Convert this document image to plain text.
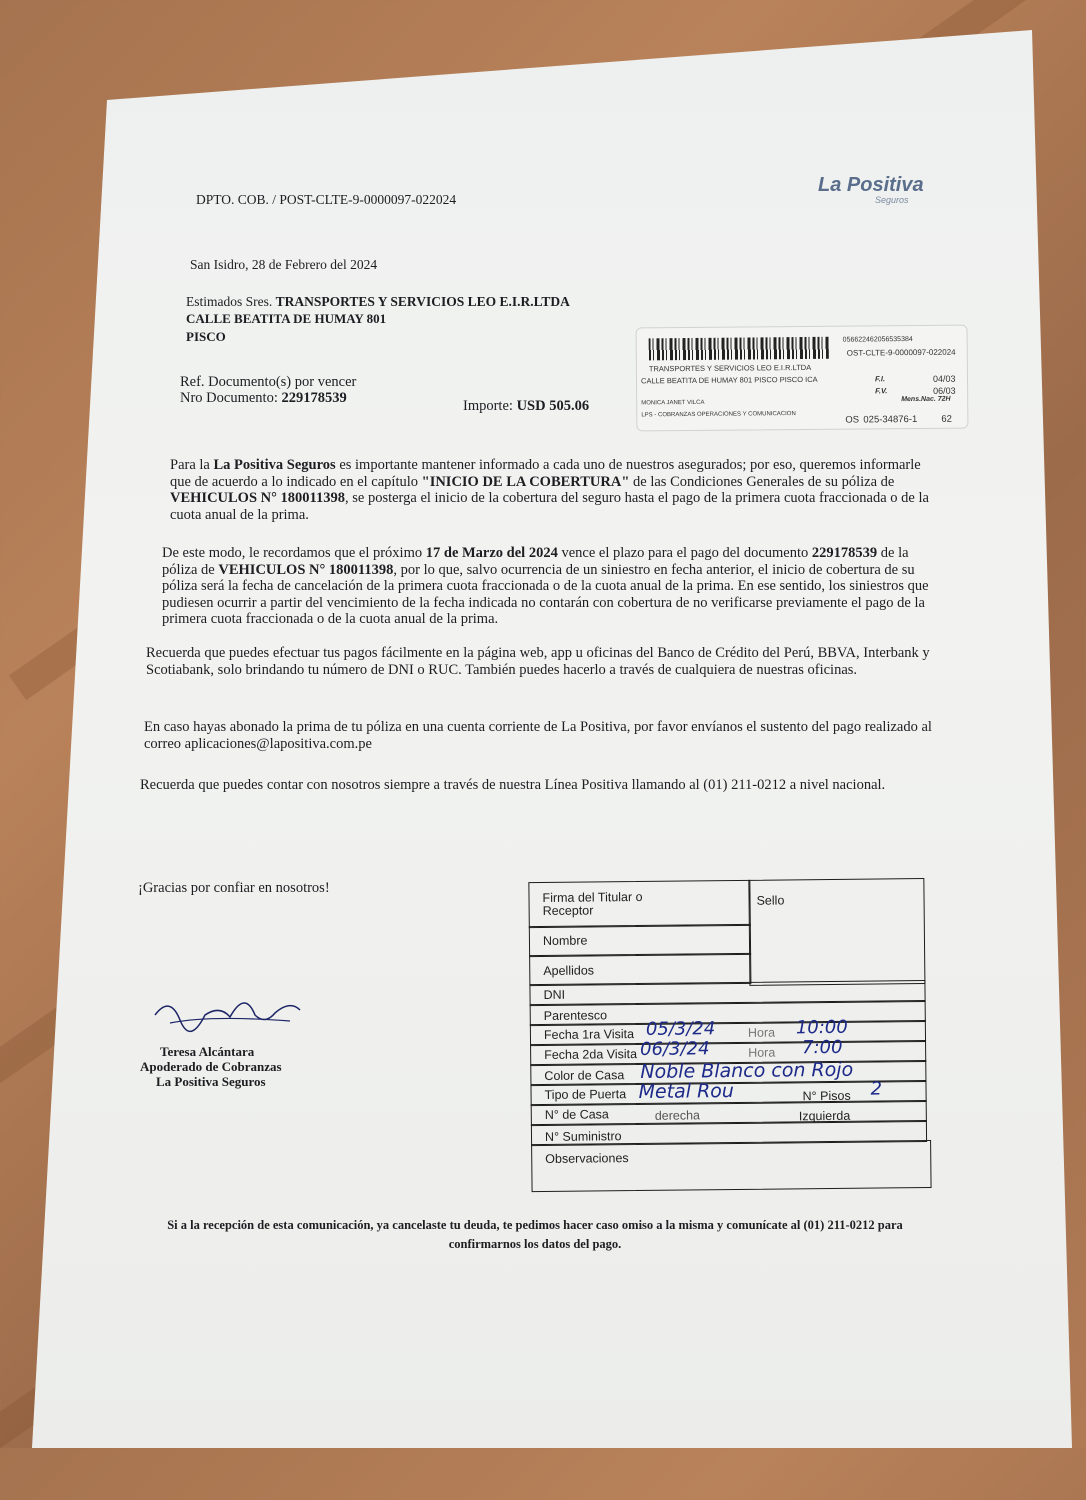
DPTO. COB. / POST-CLTE-9-0000097-022024
La Positiva
Seguros
San Isidro, 28 de Febrero del 2024
Estimados Sres. TRANSPORTES Y SERVICIOS LEO E.I.R.LTDA
CALLE BEATITA DE HUMAY 801
PISCO
Ref. Documento(s) por vencer
Nro Documento: 229178539	Importe: USD 505.06
056622462056535384
OST-CLTE-9-0000097-022024
TRANSPORTES Y SERVICIOS LEO E.I.R.LTDA
CALLE BEATITA DE HUMAY 801 PISCO PISCO ICA	F.I.	04/03
F.V.	06/03
MONICA JANET VILCA	Mens.Nac. 72H
LPS - COBRANZAS OPERACIONES Y COMUNICACION	OS 025-34876-1	62

Para la La Positiva Seguros es importante mantener informado a cada uno de nuestros asegurados; por eso, queremos informarle que de acuerdo a lo indicado en el capítulo "INICIO DE LA COBERTURA" de las Condiciones Generales de su póliza de VEHICULOS N° 180011398, se posterga el inicio de la cobertura del seguro hasta el pago de la primera cuota fraccionada o de la cuota anual de la prima.

De este modo, le recordamos que el próximo 17 de Marzo del 2024 vence el plazo para el pago del documento 229178539 de la póliza de VEHICULOS N° 180011398, por lo que, salvo ocurrencia de un siniestro en fecha anterior, el inicio de cobertura de su póliza será la fecha de cancelación de la primera cuota fraccionada o de la cuota anual de la prima. En ese sentido, los siniestros que pudiesen ocurrir a partir del vencimiento de la fecha indicada no contarán con cobertura de no verificarse previamente el pago de la primera cuota fraccionada o de la cuota anual de la prima.

Recuerda que puedes efectuar tus pagos fácilmente en la página web, app u oficinas del Banco de Crédito del Perú, BBVA, Interbank y Scotiabank, solo brindando tu número de DNI o RUC. También puedes hacerlo a través de cualquiera de nuestras oficinas.
En caso hayas abonado la prima de tu póliza en una cuenta corriente de La Positiva, por favor envíanos el sustento del pago realizado al correo aplicaciones@lapositiva.com.pe
Recuerda que puedes contar con nosotros siempre a través de nuestra Línea Positiva llamando al (01) 211-0212 a nivel nacional.
¡Gracias por confiar en nosotros!
Teresa Alcántara
Apoderado de Cobranzas
La Positiva Seguros
Firma del Titular o Receptor
Sello
Nombre
Apellidos
DNI
Parentesco
Fecha 1ra Visita 05/3/24	Hora 10:00
Fecha 2da Visita 06/3/24	Hora 7:00
Color de Casa Noble Blanco con Rojo
Tipo de Puerta Metal Rou	N° Pisos 2
N° de Casa	derecha	Izquierda
N° Suministro
Observaciones
Si a la recepción de esta comunicación, ya cancelaste tu deuda, te pedimos hacer caso omiso a la misma y comunícate al (01) 211-0212 para
confirmarnos los datos del pago.
